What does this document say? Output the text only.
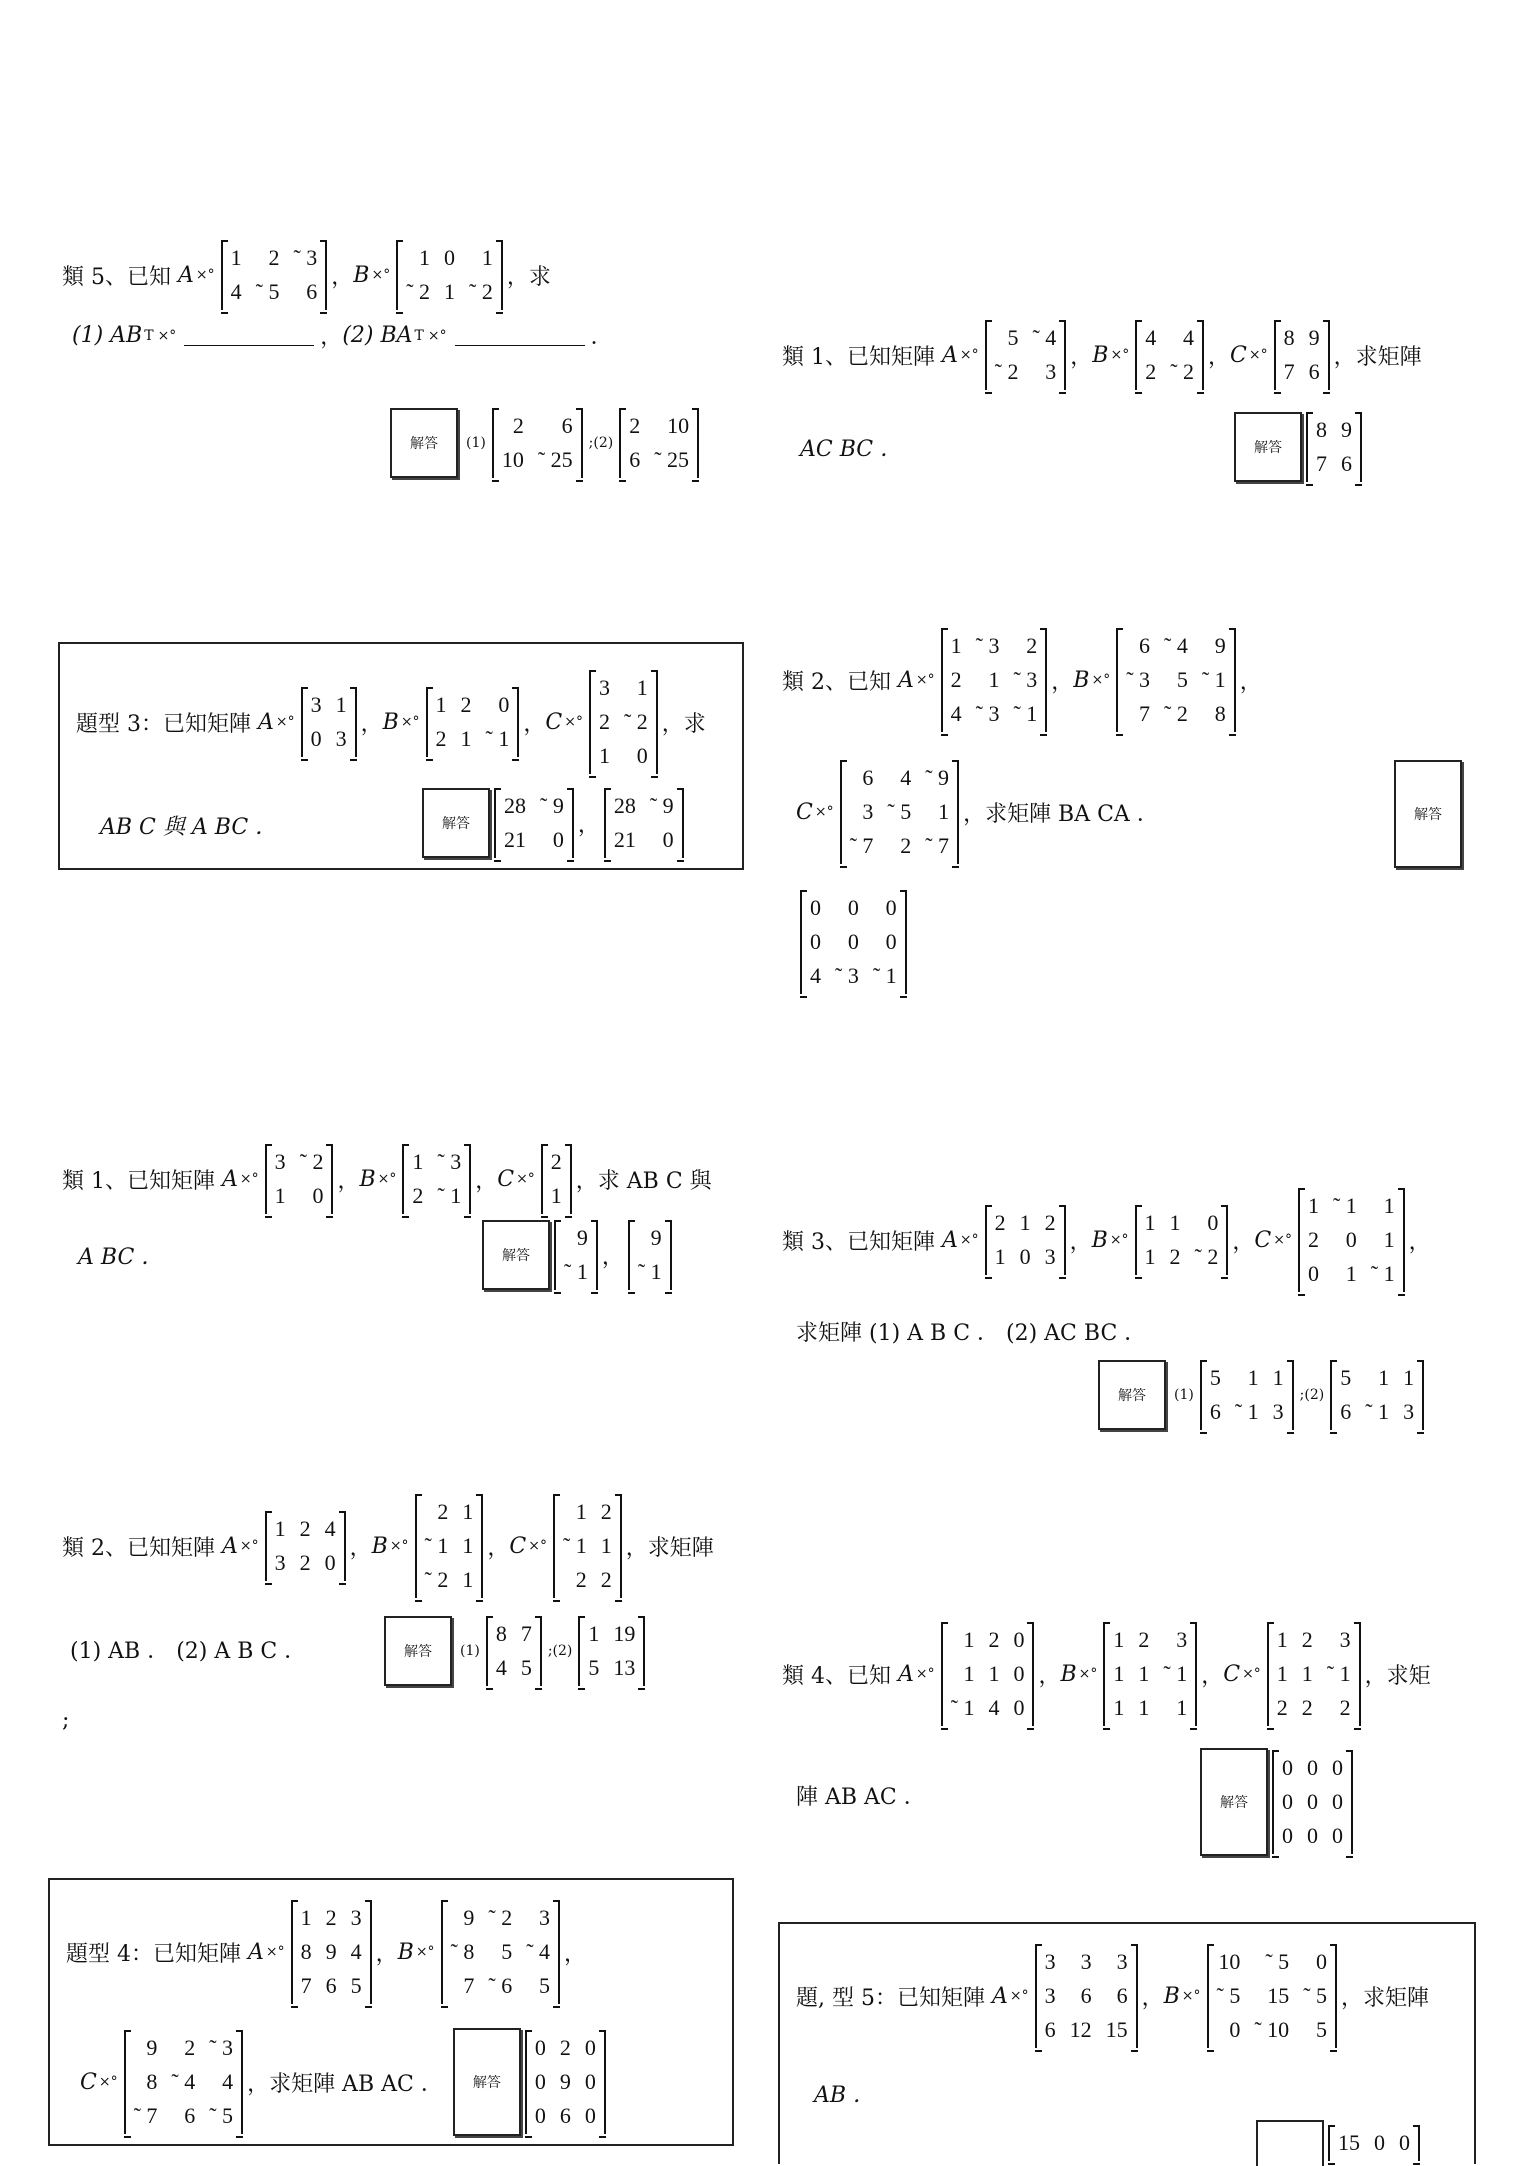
類 5、已知 A ×°
1	2 ˜ 3
4 ˜ 5	6
， B ×°
1 0	1
˜ 2 1 ˜ 2
，求
(1) AB T ×°	， (2) BA T ×°	．
解答	(1)
2	6
10 ˜ 25
;(2)
2	10
6 ˜ 25
類 1、已知矩陣 A ×°
5 ˜ 4
˜ 2	3
， B ×°
4	4
2 ˜ 2
， C ×°
8 9
7 6
，求矩陣
AC BC ．	解答
8 9
7 6
題型 3：已知矩陣 A ×°
3 1
0 3
， B ×°
1 2	0
2 1 ˜ 1
， C ×°
3	1
2 ˜ 2
1	0
，求
AB C 與 A BC ．	解答
28 ˜ 9
21	0
，
28 ˜ 9
21	0
類 2、已知 A ×°
1 ˜ 3	2
2	1 ˜ 3
4 ˜ 3 ˜ 1
， B ×°
6 ˜ 4	9
˜ 3	5 ˜ 1
7 ˜ 2	8
，
C ×°
6	4 ˜ 9
3 ˜ 5	1
˜ 7	2 ˜ 7
，求矩陣 BA CA ．	解答
0	0	0
0	0	0
4 ˜ 3 ˜ 1
類 1、已知矩陣 A ×°
3 ˜ 2
1	0
， B ×°
1 ˜ 3
2 ˜ 1
， C ×°
2
1
，求 AB C 與
A BC ．	解答
9
˜ 1
，
9
˜ 1
類 3、已知矩陣 A ×°
2 1 2
1 0 3
， B ×°
1 1	0
1 2 ˜ 2
， C ×°
1 ˜ 1	1
2	0	1
0	1 ˜ 1
，
求矩陣 (1) A B C ． (2) AC BC ．
解答	(1)
5	1 1
6 ˜ 1 3
;(2)
5	1 1
6 ˜ 1 3
類 2、已知矩陣 A ×°
1 2 4
3 2 0
， B ×°
2 1
˜ 1 1
˜ 2 1
， C ×°
1 2
˜ 1 1
2 2
，求矩陣
(1) AB ． (2) A B C ．	解答	(1)
8 7
4 5
;(2)
1 19
5 13
;
類 4、已知 A ×°
1 2 0
1 1 0
˜ 1 4 0
， B ×°
1 2	3
1 1 ˜ 1
1 1	1
， C ×°
1 2	3
1 1 ˜ 1
2 2	2
，求矩
陣 AB AC ．	解答
0 0 0
0 0 0
0 0 0
題型 4：已知矩陣 A ×°
1 2 3
8 9 4
7 6 5
， B ×°
9 ˜ 2	3
˜ 8	5 ˜ 4
7 ˜ 6	5
，
C ×°
9	2 ˜ 3
8 ˜ 4	4
˜ 7	6 ˜ 5
，求矩陣 AB AC ．	解答
0 2 0
0 9 0
0 6 0
題, 型 5：已知矩陣 A ×°
3	3	3
3	6	6
6 12 15
， B ×°
10	˜ 5	0
˜ 5	15 ˜ 5
0 ˜ 10	5
，求矩陣
AB ．
15 0 0
